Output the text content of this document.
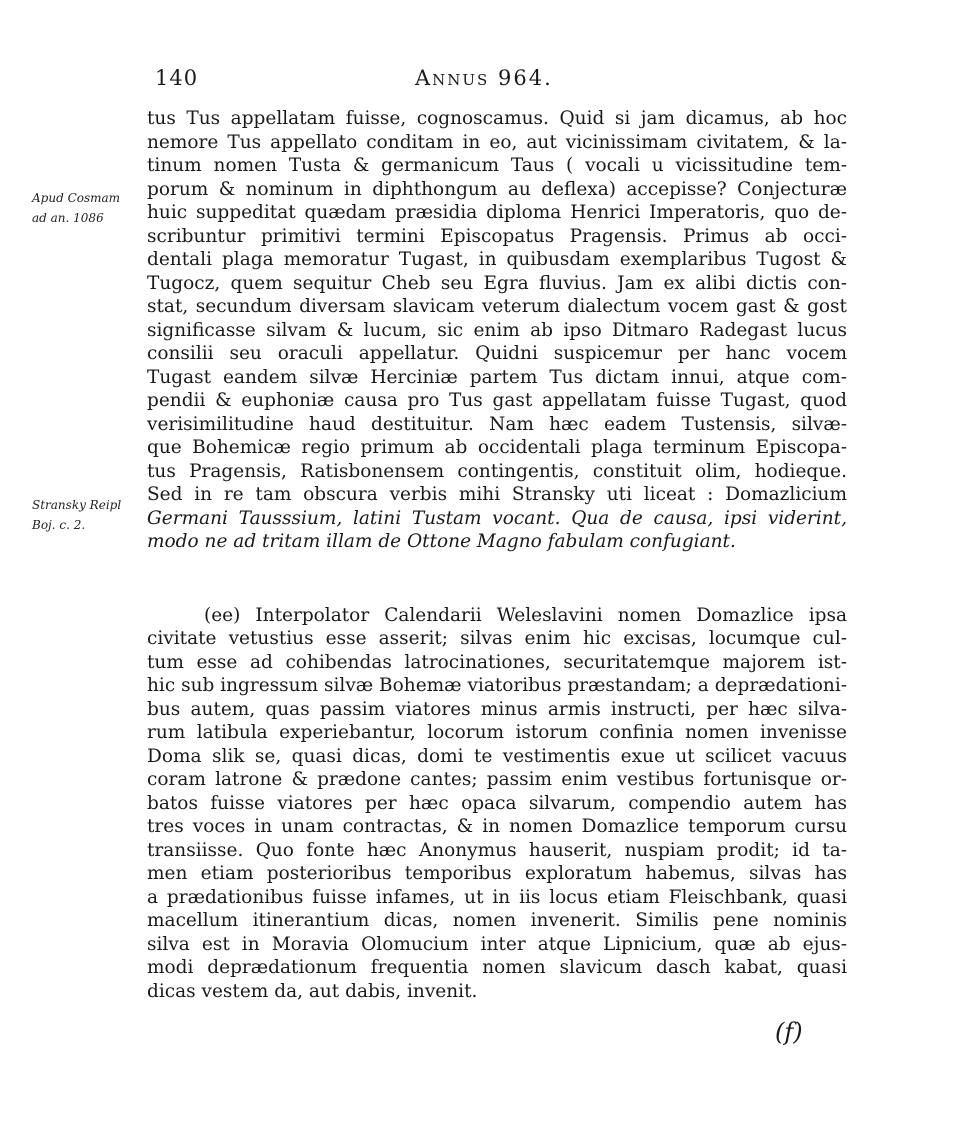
140	Annus 964.
Apud Cosmam
ad an. 1086
Stransky Reipl
Boj. c. 2.
tus Tus appellatam fuisse, cognoscamus. Quid si jam dicamus, ab hoc
nemore Tus appellato conditam in eo, aut vicinissimam civitatem, & la-
tinum nomen Tusta & germanicum Taus ( vocali u vicissitudine tem-
porum & nominum in diphthongum au deflexa) accepisse? Conjecturæ
huic suppeditat quædam præsidia diploma Henrici Imperatoris, quo de-
scribuntur primitivi termini Episcopatus Pragensis. Primus ab occi-
dentali plaga memoratur Tugast, in quibusdam exemplaribus Tugost &
Tugocz, quem sequitur Cheb seu Egra fluvius. Jam ex alibi dictis con-
stat, secundum diversam slavicam veterum dialectum vocem gast & gost
significasse silvam & lucum, sic enim ab ipso Ditmaro Radegast lucus
consilii seu oraculi appellatur. Quidni suspicemur per hanc vocem
Tugast eandem silvæ Herciniæ partem Tus dictam innui, atque com-
pendii & euphoniæ causa pro Tus gast appellatam fuisse Tugast, quod
verisimilitudine haud destituitur. Nam hæc eadem Tustensis, silvæ-
que Bohemicæ regio primum ab occidentali plaga terminum Episcopa-
tus Pragensis, Ratisbonensem contingentis, constituit olim, hodieque.
Sed in re tam obscura verbis mihi Stransky uti liceat : Domazlicium
Germani Tausssium, latini Tustam vocant. Qua de causa, ipsi viderint,
modo ne ad tritam illam de Ottone Magno fabulam confugiant.
(ee) Interpolator Calendarii Weleslavini nomen Domazlice ipsa
civitate vetustius esse asserit; silvas enim hic excisas, locumque cul-
tum esse ad cohibendas latrocinationes, securitatemque majorem ist-
hic sub ingressum silvæ Bohemæ viatoribus præstandam; a deprædationi-
bus autem, quas passim viatores minus armis instructi, per hæc silva-
rum latibula experiebantur, locorum istorum confinia nomen invenisse
Doma slik se, quasi dicas, domi te vestimentis exue ut scilicet vacuus
coram latrone & prædone cantes; passim enim vestibus fortunisque or-
batos fuisse viatores per hæc opaca silvarum, compendio autem has
tres voces in unam contractas, & in nomen Domazlice temporum cursu
transiisse. Quo fonte hæc Anonymus hauserit, nuspiam prodit; id ta-
men etiam posterioribus temporibus exploratum habemus, silvas has
a prædationibus fuisse infames, ut in iis locus etiam Fleischbank, quasi
macellum itinerantium dicas, nomen invenerit. Similis pene nominis
silva est in Moravia Olomucium inter atque Lipnicium, quæ ab ejus-
modi deprædationum frequentia nomen slavicum dasch kabat, quasi
dicas vestem da, aut dabis, invenit.
(f)
